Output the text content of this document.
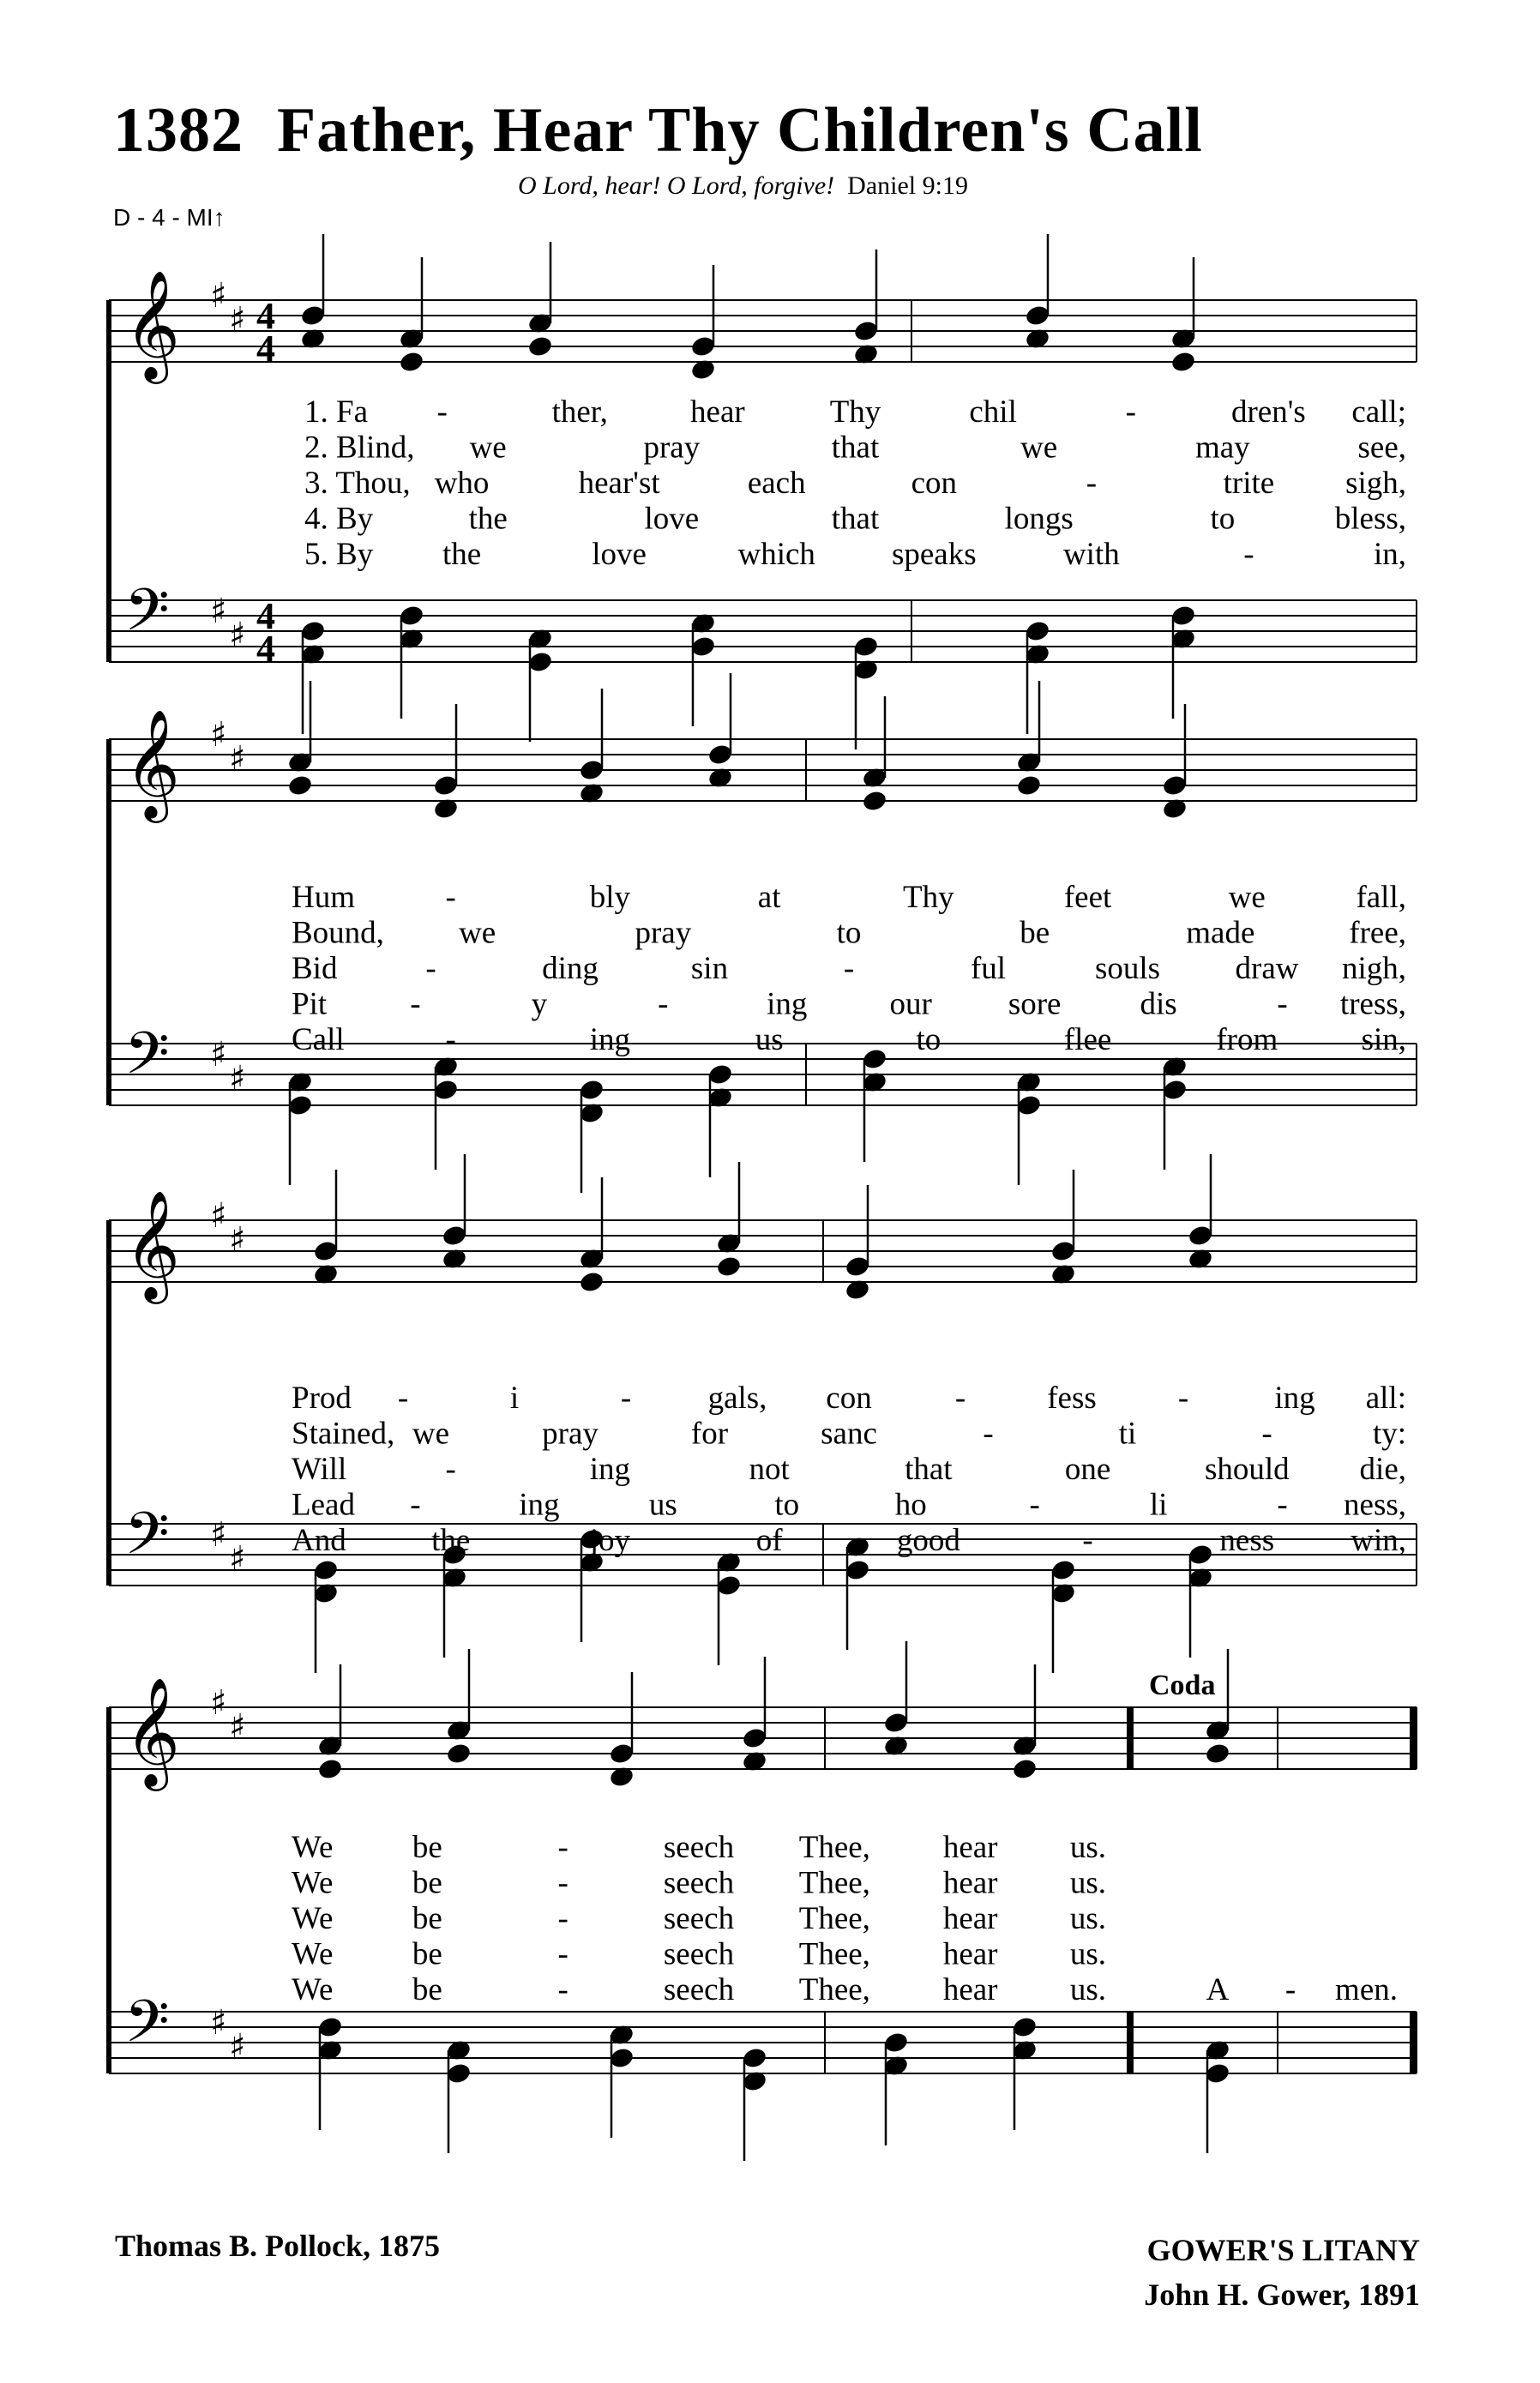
1382 Father, Hear Thy Children's Call
O Lord, hear! O Lord, forgive! Daniel 9:19
D - 4 - MI↑
𝄞 ♯
♯ 4
4
𝄢 ♯
♯ 4
4
𝄞 ♯
♯
𝄢 ♯
♯
𝄞 ♯
♯
𝄢 ♯
♯
𝄞 ♯
♯
𝄢 ♯
♯
Coda
1. Fa -	ther,	hear	Thy	chil	-	dren's call;
2. Blind, we	pray	that	we	may	see,
3. Thou, who	hear'st	each	con	-	trite sigh,
4. By	the	love	that	longs	to	bless,
5. By the	love	which speaks	with	-	in,
Hum	-	bly	at	Thy	feet	we	fall,
Bound, we	pray	to	be	made	free,
Bid	-	ding	sin	-	ful	souls draw nigh,
Pit	-	y	-	ing	our sore dis	- tress,
Call	-	ing	us	to	flee	from	sin,
Prod -	i	- gals, con	-	fess	-	ing all:
Stained, we	pray	for	sanc	-	ti	-	ty:
Will	-	ing	not	that	one	should die,
Lead -	ing	us	to	ho	-	li	- ness,
And	the	joy	of	good	-	ness win,
We be	-	seech Thee, hear us.
We be	-	seech Thee, hear us.
We be	-	seech Thee, hear us.
We be	-	seech Thee, hear us.
We be	-	seech Thee, hear us.	A - men.
Thomas B. Pollock, 1875	GOWER'S LITANY
John H. Gower, 1891
